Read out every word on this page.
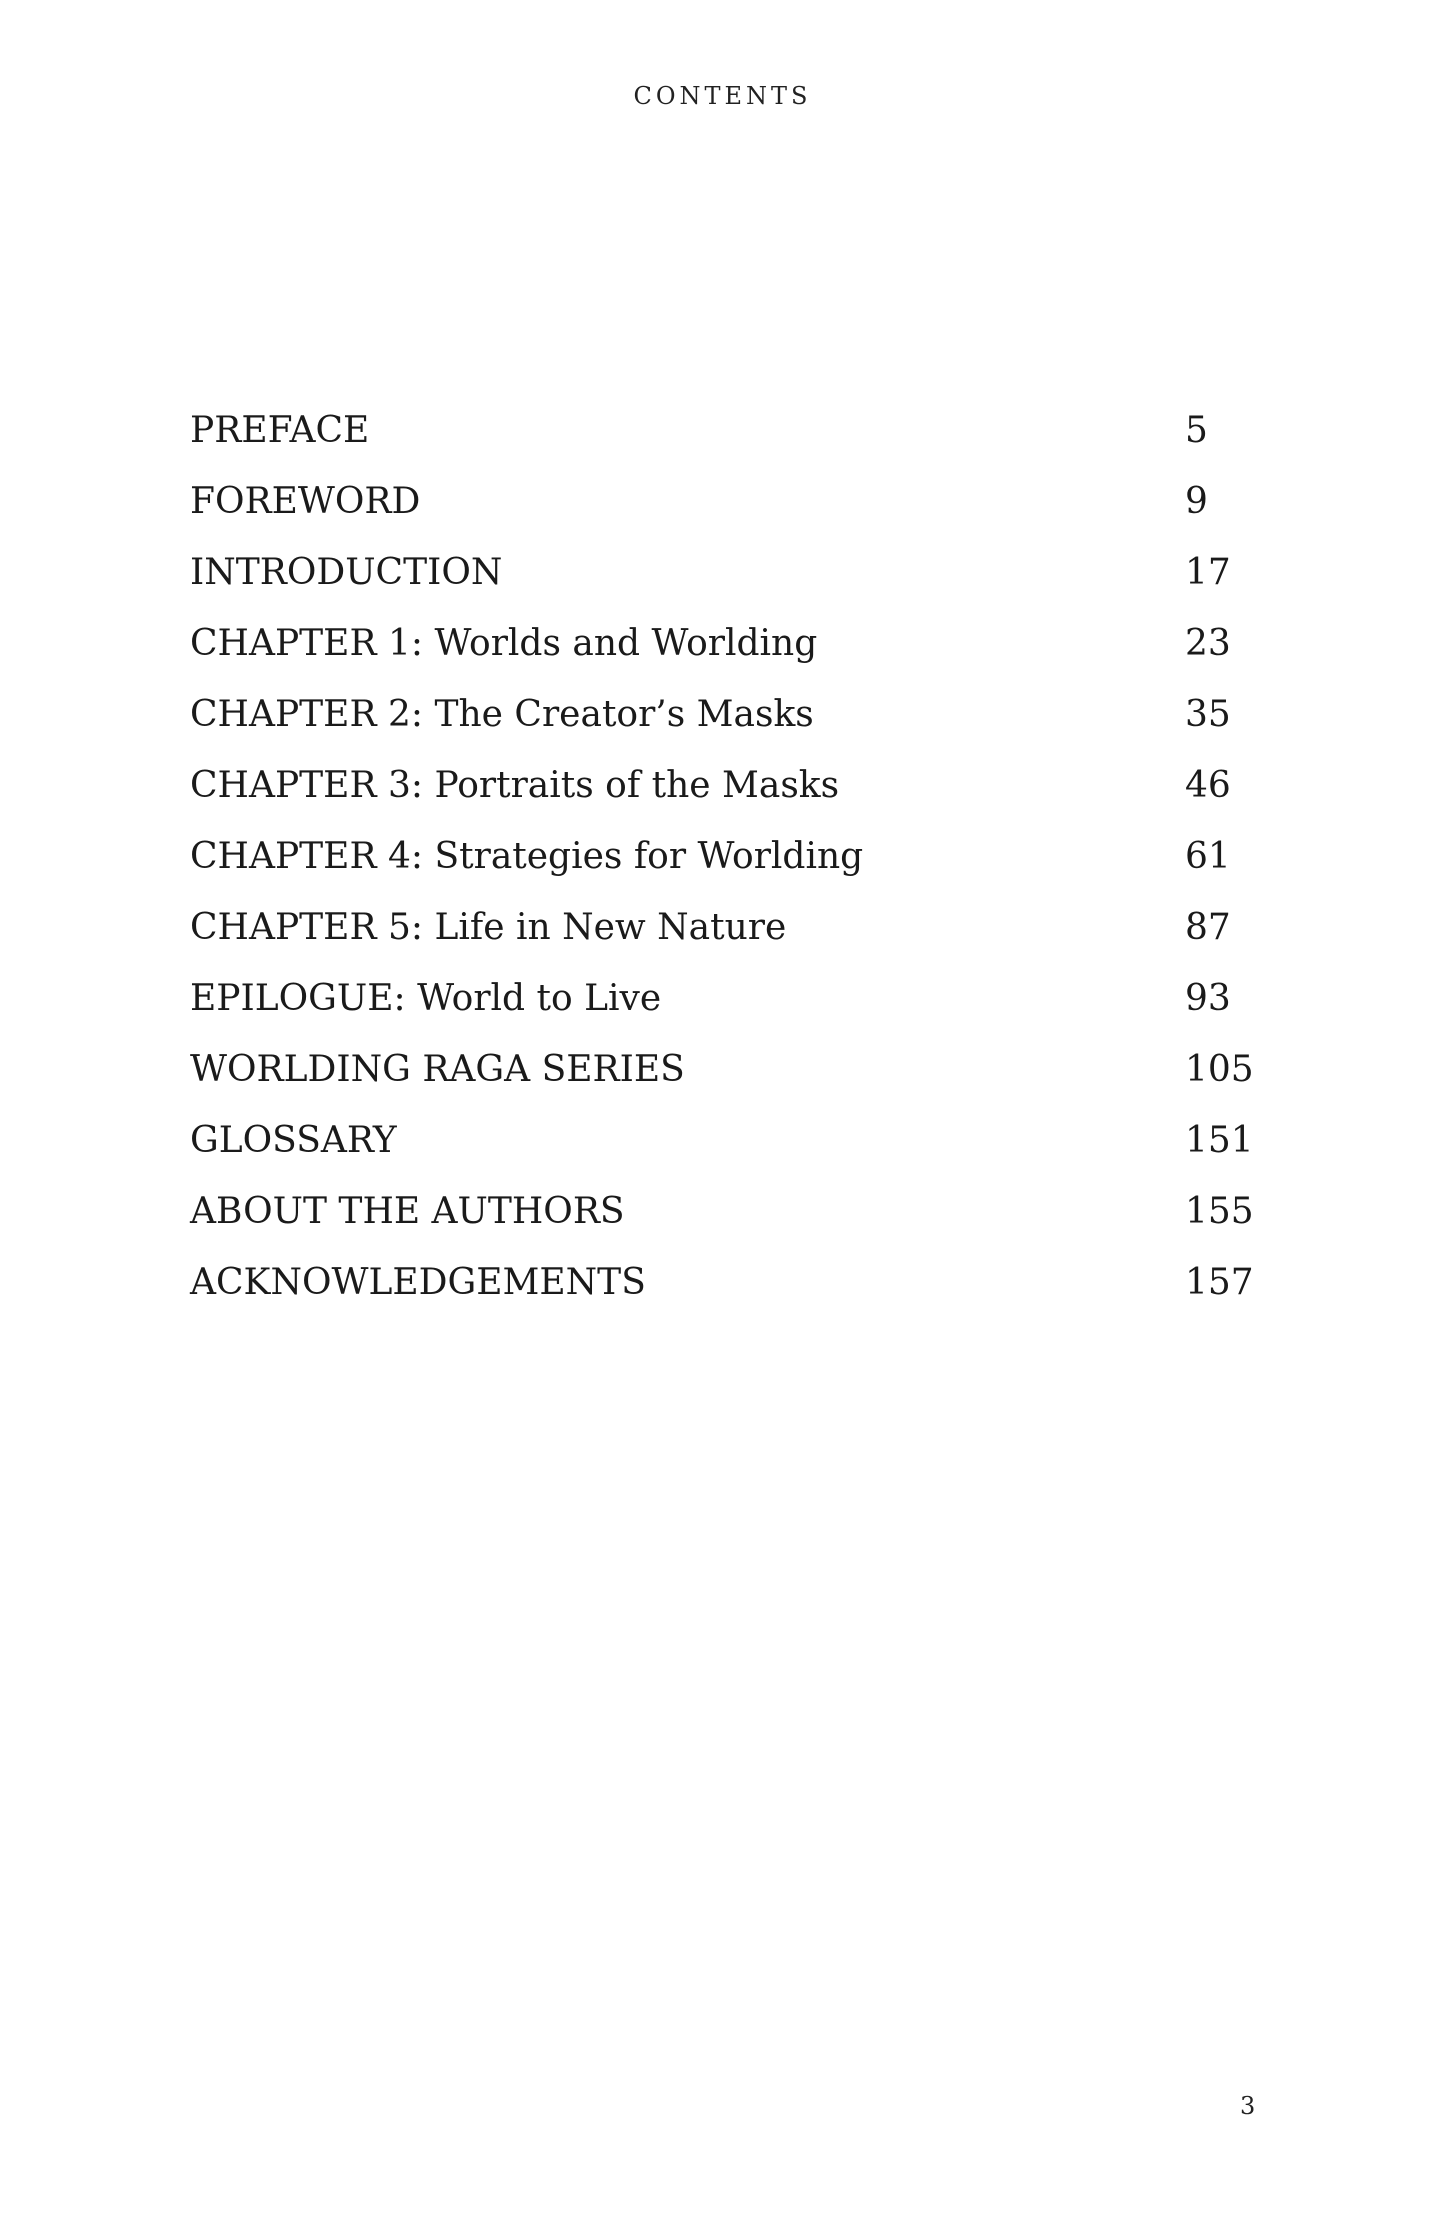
CONTENTS
PREFACE	5
FOREWORD	9
INTRODUCTION	17
CHAPTER 1: Worlds and Worlding	23
CHAPTER 2: The Creator’s Masks	35
CHAPTER 3: Portraits of the Masks	46
CHAPTER 4: Strategies for Worlding	61
CHAPTER 5: Life in New Nature	87
EPILOGUE: World to Live	93
WORLDING RAGA SERIES	105
GLOSSARY	151
ABOUT THE AUTHORS	155
ACKNOWLEDGEMENTS	157
3
